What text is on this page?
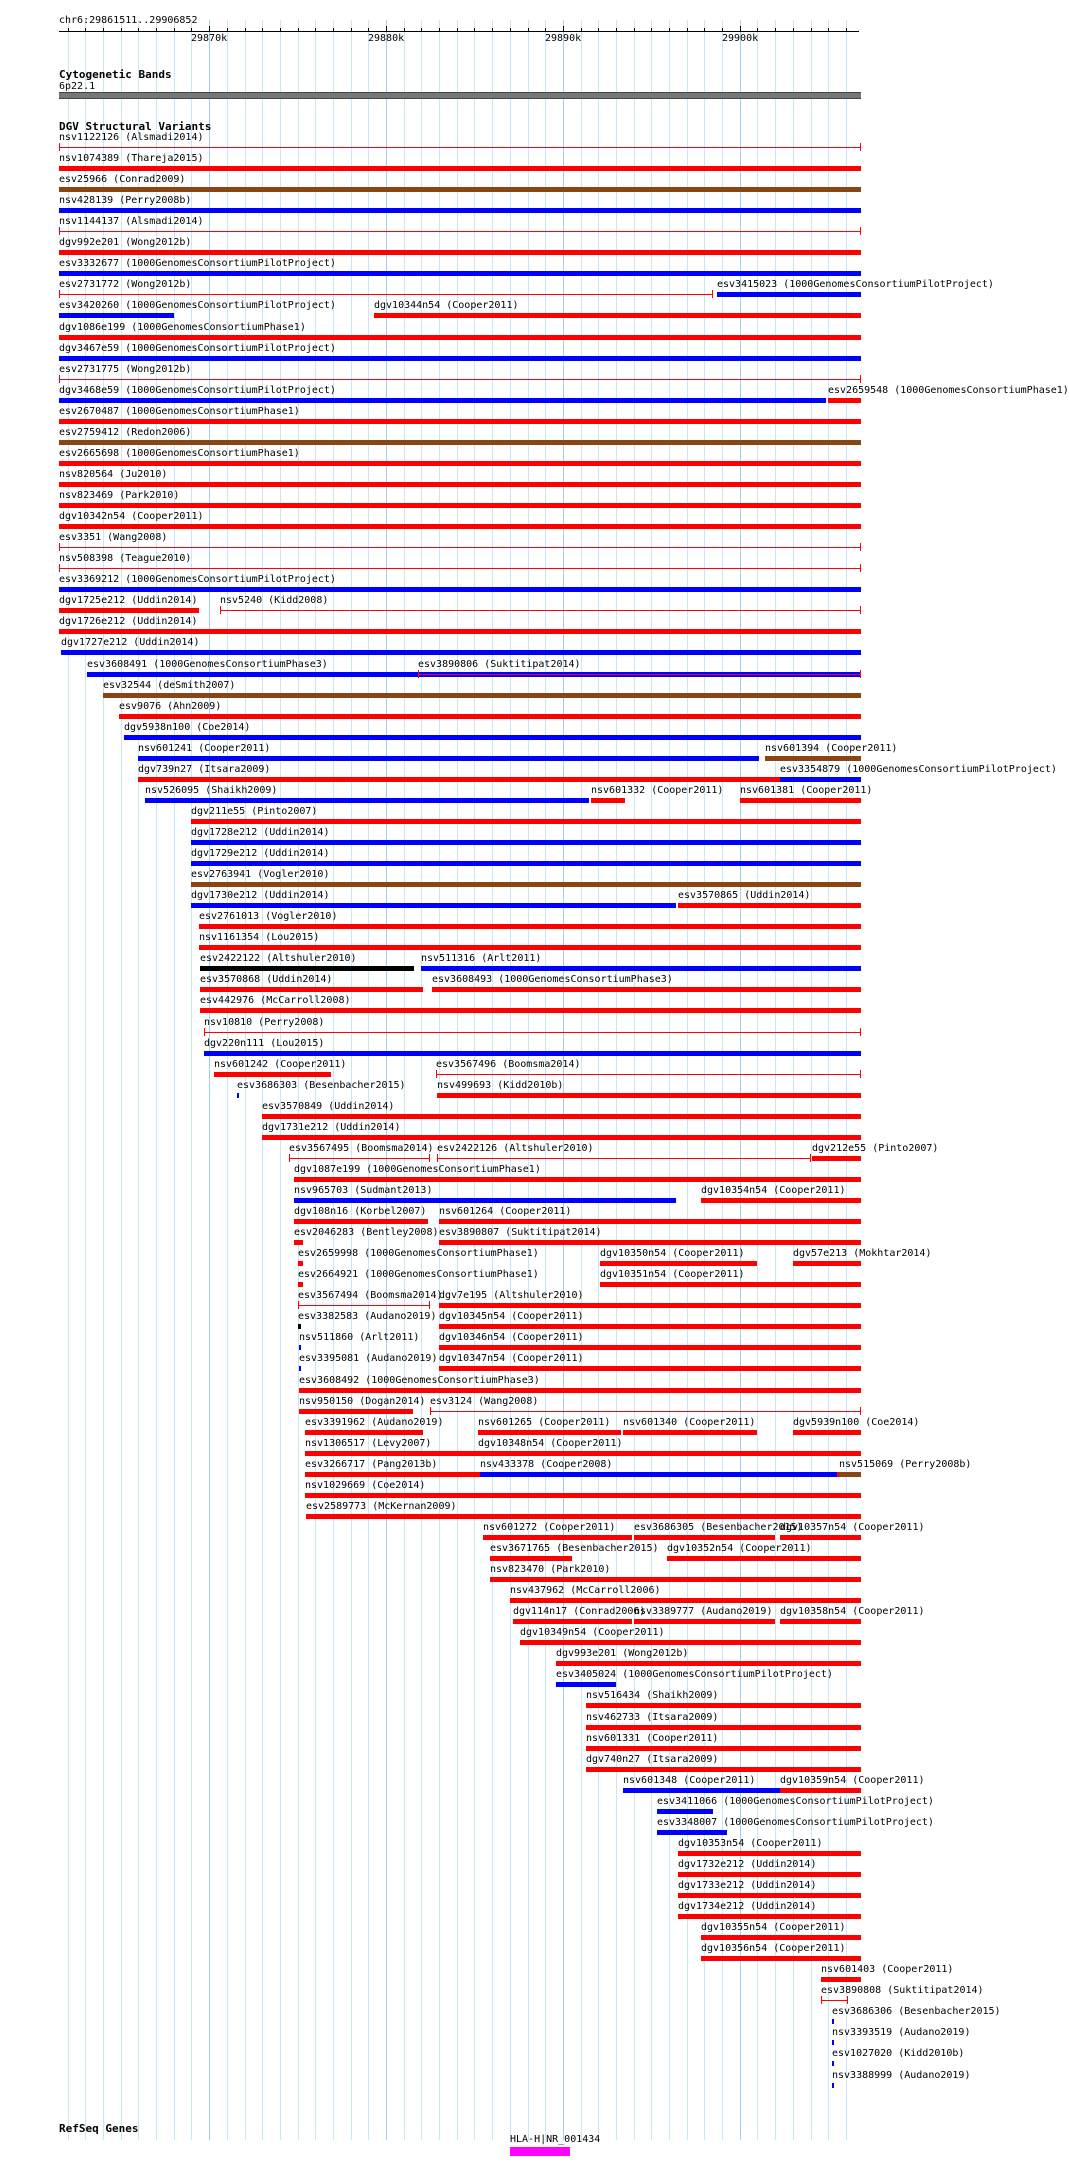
chr6:29861511..29906852
29870k	29880k	29890k	29900k
Cytogenetic Bands
6p22.1
DGV Structural Variants
nsv1122126 (Alsmadi2014)
nsv1074389 (Thareja2015)
esv25966 (Conrad2009)
nsv428139 (Perry2008b)
nsv1144137 (Alsmadi2014)
dgv992e201 (Wong2012b)
esv3332677 (1000GenomesConsortiumPilotProject)
esv2731772 (Wong2012b)	esv3415023 (1000GenomesConsortiumPilotProject)
esv3420260 (1000GenomesConsortiumPilotProject)	dgv10344n54 (Cooper2011)
dgv1086e199 (1000GenomesConsortiumPhase1)
dgv3467e59 (1000GenomesConsortiumPilotProject)
esv2731775 (Wong2012b)
dgv3468e59 (1000GenomesConsortiumPilotProject)	esv2659548 (1000GenomesConsortiumPhase1)
esv2670487 (1000GenomesConsortiumPhase1)
esv2759412 (Redon2006)
esv2665698 (1000GenomesConsortiumPhase1)
nsv820564 (Ju2010)
nsv823469 (Park2010)
dgv10342n54 (Cooper2011)
esv3351 (Wang2008)
nsv508398 (Teague2010)
esv3369212 (1000GenomesConsortiumPilotProject)
dgv1725e212 (Uddin2014) nsv5240 (Kidd2008)
dgv1726e212 (Uddin2014)
dgv1727e212 (Uddin2014)
esv3608491 (1000GenomesConsortiumPhase3)	esv3890806 (Suktitipat2014)
esv32544 (deSmith2007)
esv9076 (Ahn2009)
dgv5938n100 (Coe2014)
nsv601241 (Cooper2011)	nsv601394 (Cooper2011)
dgv739n27 (Itsara2009)	esv3354879 (1000GenomesConsortiumPilotProject)
nsv526095 (Shaikh2009)	nsv601332 (Cooper2011) nsv601381 (Cooper2011)
dgv211e55 (Pinto2007)
dgv1728e212 (Uddin2014)
dgv1729e212 (Uddin2014)
esv2763941 (Vogler2010)
dgv1730e212 (Uddin2014)	esv3570865 (Uddin2014)
esv2761013 (Vogler2010)
nsv1161354 (Lou2015)
esv2422122 (Altshuler2010)	nsv511316 (Arlt2011)
esv3570868 (Uddin2014)	esv3608493 (1000GenomesConsortiumPhase3)
esv442976 (McCarroll2008)
nsv10810 (Perry2008)
dgv220n111 (Lou2015)
nsv601242 (Cooper2011)	esv3567496 (Boomsma2014)
esv3686303 (Besenbacher2015)	nsv499693 (Kidd2010b)
esv3570849 (Uddin2014)
dgv1731e212 (Uddin2014)
esv3567495 (Boomsma2014) esv2422126 (Altshuler2010)	dgv212e55 (Pinto2007)
dgv1087e199 (1000GenomesConsortiumPhase1)
nsv965703 (Sudmant2013)	dgv10354n54 (Cooper2011)
dgv108n16 (Korbel2007) nsv601264 (Cooper2011)
esv2046283 (Bentley2008) esv3890807 (Suktitipat2014)
esv2659998 (1000GenomesConsortiumPhase1)	dgv10350n54 (Cooper2011)	dgv57e213 (Mokhtar2014)
esv2664921 (1000GenomesConsortiumPhase1)	dgv10351n54 (Cooper2011)
esv3567494 (Boomsma2014)
dgv7e195 (Altshuler2010)
esv3382583 (Audano2019) dgv10345n54 (Cooper2011)
nsv511860 (Arlt2011) dgv10346n54 (Cooper2011)
esv3395081 (Audano2019) dgv10347n54 (Cooper2011)
esv3608492 (1000GenomesConsortiumPhase3)
nsv950150 (Dogan2014) esv3124 (Wang2008)
esv3391962 (Audano2019)	nsv601265 (Cooper2011) nsv601340 (Cooper2011)	dgv5939n100 (Coe2014)
nsv1306517 (Levy2007)	dgv10348n54 (Cooper2011)
esv3266717 (Pang2013b)	nsv433378 (Cooper2008)	nsv515069 (Perry2008b)
nsv1029669 (Coe2014)
esv2589773 (McKernan2009)
nsv601272 (Cooper2011) esv3686305 (Besenbacher2015)
dgv10357n54 (Cooper2011)
esv3671765 (Besenbacher2015) dgv10352n54 (Cooper2011)
nsv823470 (Park2010)
nsv437962 (McCarroll2006)
dgv114n17 (Conrad2006)
nsv3389777 (Audano2019) dgv10358n54 (Cooper2011)
dgv10349n54 (Cooper2011)
dgv993e201 (Wong2012b)
esv3405024 (1000GenomesConsortiumPilotProject)
nsv516434 (Shaikh2009)
nsv462733 (Itsara2009)
nsv601331 (Cooper2011)
dgv740n27 (Itsara2009)
nsv601348 (Cooper2011) dgv10359n54 (Cooper2011)
esv3411066 (1000GenomesConsortiumPilotProject)
esv3348007 (1000GenomesConsortiumPilotProject)
dgv10353n54 (Cooper2011)
dgv1732e212 (Uddin2014)
dgv1733e212 (Uddin2014)
dgv1734e212 (Uddin2014)
dgv10355n54 (Cooper2011)
dgv10356n54 (Cooper2011)
nsv601403 (Cooper2011)
esv3890808 (Suktitipat2014)
esv3686306 (Besenbacher2015)
nsv3393519 (Audano2019)
esv1027020 (Kidd2010b)
nsv3388999 (Audano2019)
RefSeq Genes
HLA-H|NR_001434
